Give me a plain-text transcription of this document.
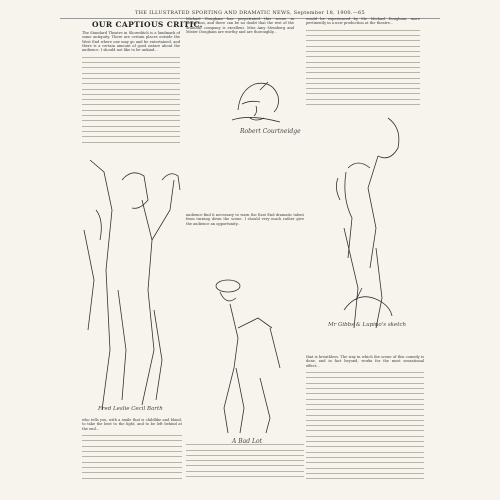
THE ILLUSTRATED SPORTING AND DRAMATIC NEWS, September 18, 1900.—65
OUR CAPTIOUS CRITIC.
The Standard Theatre in Shoreditch is a landmark of some antiquity. There are certain places outside the West End where one may go and be entertained, and there is a certain amount of good nature about the audience. I should not like to be unkind...
Michael Dougham has perpetrated this scene in perfection, and there can be no doubt that the rest of the dramatic company is excellent. Miss Amy Steinberg and Mister Dougham are worthy and are thoroughly...
would be experienced by Mr. Michael Dougham, more pertinently in a new production at the theatre...
audience find it necessary to warn the East End dramatic talent from turning down the scene. I should very much rather give the audience an opportunity...
that is breathless. The way in which the scene of this comedy is done, and in fact beyond, works for the most sensational effect...
who tells you, with a smile that is childlike and bland, to take the best to the light, and to be left behind at the end...
Robert Courtneidge
Fred Leslie Cecil Barth
A Bad Lot
Mr Gibbs & Lupino's sketch
